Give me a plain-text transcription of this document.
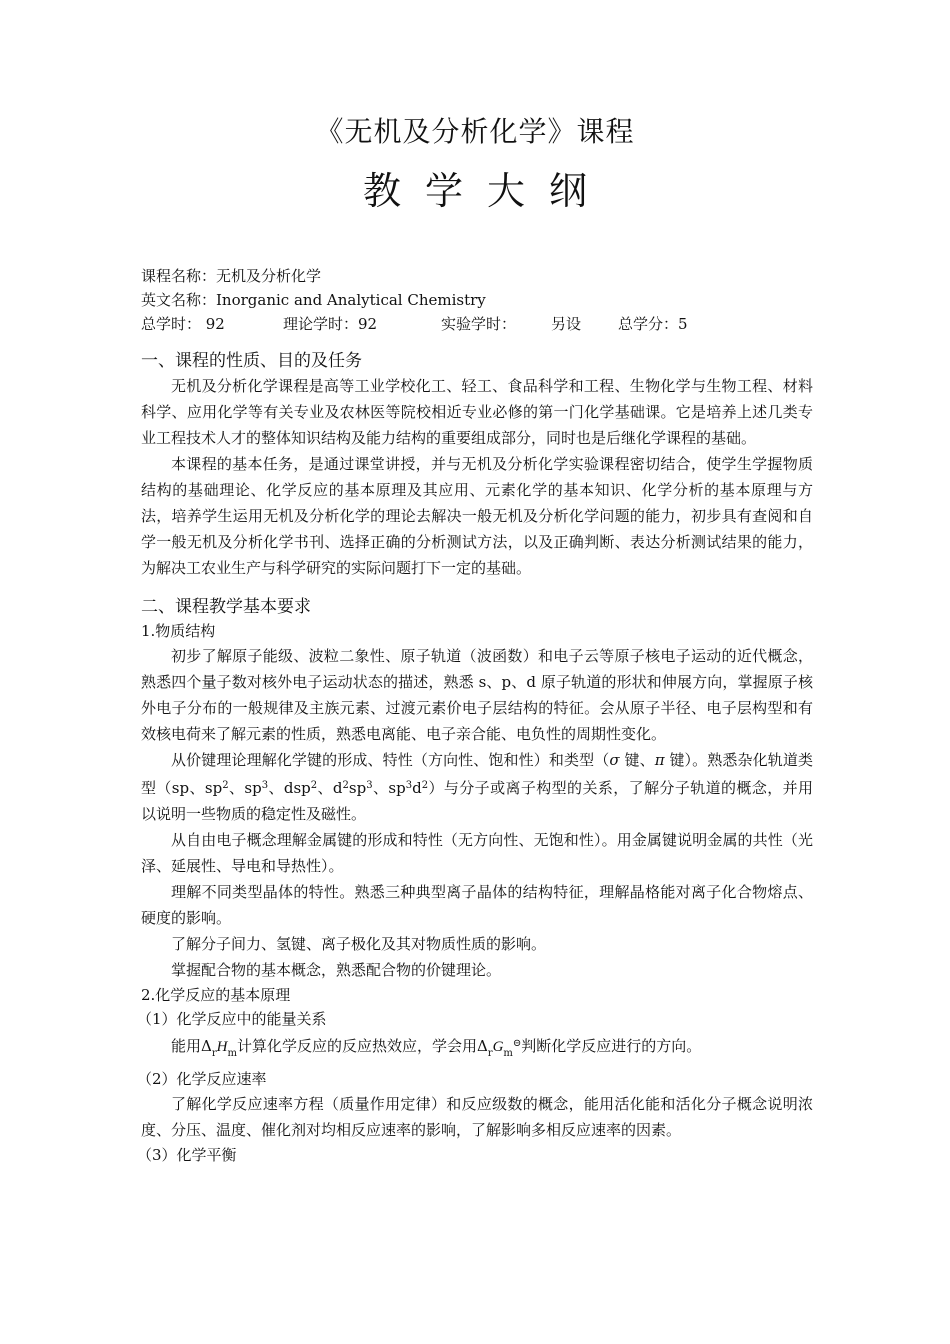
《无机及分析化学》课程
教学大纲
课程名称：无机及分析化学
英文名称：Inorganic and Analytical Chemistry
总学时： 92	理论学时：92	实验学时： 另设 总学分：5
一、课程的性质、目的及任务
无机及分析化学课程是高等工业学校化工、轻工、食品科学和工程、生物化学与生物工程、材料科学、应用化学等有关专业及农林医等院校相近专业必修的第一门化学基础课。它是培养上述几类专业工程技术人才的整体知识结构及能力结构的重要组成部分，同时也是后继化学课程的基础。
本课程的基本任务，是通过课堂讲授，并与无机及分析化学实验课程密切结合，使学生学握物质结构的基础理论、化学反应的基本原理及其应用、元素化学的基本知识、化学分析的基本原理与方法，培养学生运用无机及分析化学的理论去解决一般无机及分析化学问题的能力，初步具有查阅和自学一般无机及分析化学书刊、选择正确的分析测试方法，以及正确判断、表达分析测试结果的能力，为解决工农业生产与科学研究的实际问题打下一定的基础。
二、课程教学基本要求
1.物质结构
初步了解原子能级、波粒二象性、原子轨道（波函数）和电子云等原子核电子运动的近代概念，熟悉四个量子数对核外电子运动状态的描述，熟悉 s、p、d 原子轨道的形状和伸展方向，掌握原子核外电子分布的一般规律及主族元素、过渡元素价电子层结构的特征。会从原子半径、电子层构型和有效核电荷来了解元素的性质，熟悉电离能、电子亲合能、电负性的周期性变化。
从价键理论理解化学键的形成、特性（方向性、饱和性）和类型（σ 键、π 键）。熟悉杂化轨道类型（sp、$sp^2$、$sp^3$、dsp$^2$、$d^2sp^3$、$sp^3d^2$）与分子或离子构型的关系，了解分子轨道的概念，并用以说明一些物质的稳定性及磁性。
从自由电子概念理解金属键的形成和特性（无方向性、无饱和性）。用金属键说明金属的共性（光泽、延展性、导电和导热性）。
理解不同类型晶体的特性。熟悉三种典型离子晶体的结构特征，理解晶格能对离子化合物熔点、硬度的影响。
了解分子间力、氢键、离子极化及其对物质性质的影响。
掌握配合物的基本概念，熟悉配合物的价键理论。
2.化学反应的基本原理
（1）化学反应中的能量关系
能用$\Delta_rH_m$计算化学反应的反应热效应，学会用$\Delta_rG_m^⊝$判断化学反应进行的方向。
（2）化学反应速率
了解化学反应速率方程（质量作用定律）和反应级数的概念，能用活化能和活化分子概念说明浓度、分压、温度、催化剂对均相反应速率的影响，了解影响多相反应速率的因素。
（3）化学平衡
